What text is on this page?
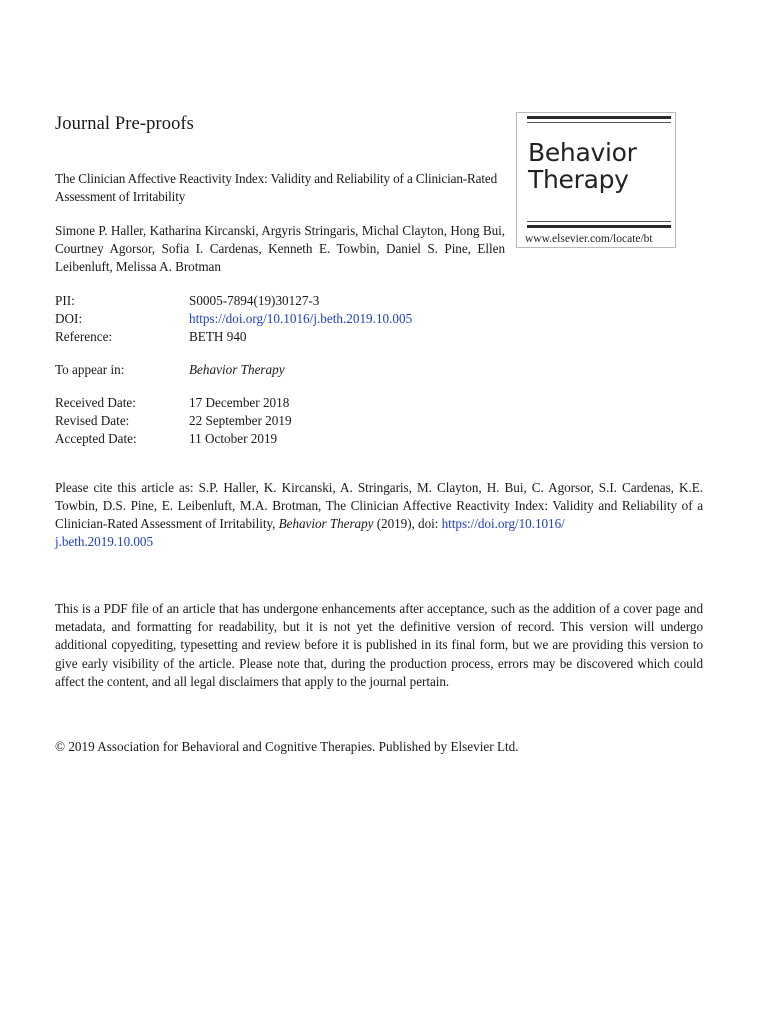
Journal Pre-proofs
The Clinician Affective Reactivity Index: Validity and Reliability of a Clinician-Rated Assessment of Irritability
Simone P. Haller, Katharina Kircanski, Argyris Stringaris, Michal Clayton, Hong Bui, Courtney Agorsor, Sofia I. Cardenas, Kenneth E. Towbin, Daniel S. Pine, Ellen Leibenluft, Melissa A. Brotman
Behavior
Therapy
www.elsevier.com/locate/bt
PII:	S0005-7894(19)30127-3
DOI:	https://doi.org/10.1016/j.beth.2019.10.005
Reference:	BETH 940
To appear in:	Behavior Therapy
Received Date:	17 December 2018
Revised Date:	22 September 2019
Accepted Date:	11 October 2019
Please cite this article as: S.P. Haller, K. Kircanski, A. Stringaris, M. Clayton, H. Bui, C. Agorsor, S.I. Cardenas, K.E. Towbin, D.S. Pine, E. Leibenluft, M.A. Brotman, The Clinician Affective Reactivity Index: Validity and Reliability of a Clinician-Rated Assessment of Irritability, Behavior Therapy (2019), doi: https://doi.org/10.1016/
j.beth.2019.10.005
This is a PDF file of an article that has undergone enhancements after acceptance, such as the addition of a cover page and metadata, and formatting for readability, but it is not yet the definitive version of record. This version will undergo additional copyediting, typesetting and review before it is published in its final form, but we are providing this version to give early visibility of the article. Please note that, during the production process, errors may be discovered which could affect the content, and all legal disclaimers that apply to the journal pertain.
© 2019 Association for Behavioral and Cognitive Therapies. Published by Elsevier Ltd.
